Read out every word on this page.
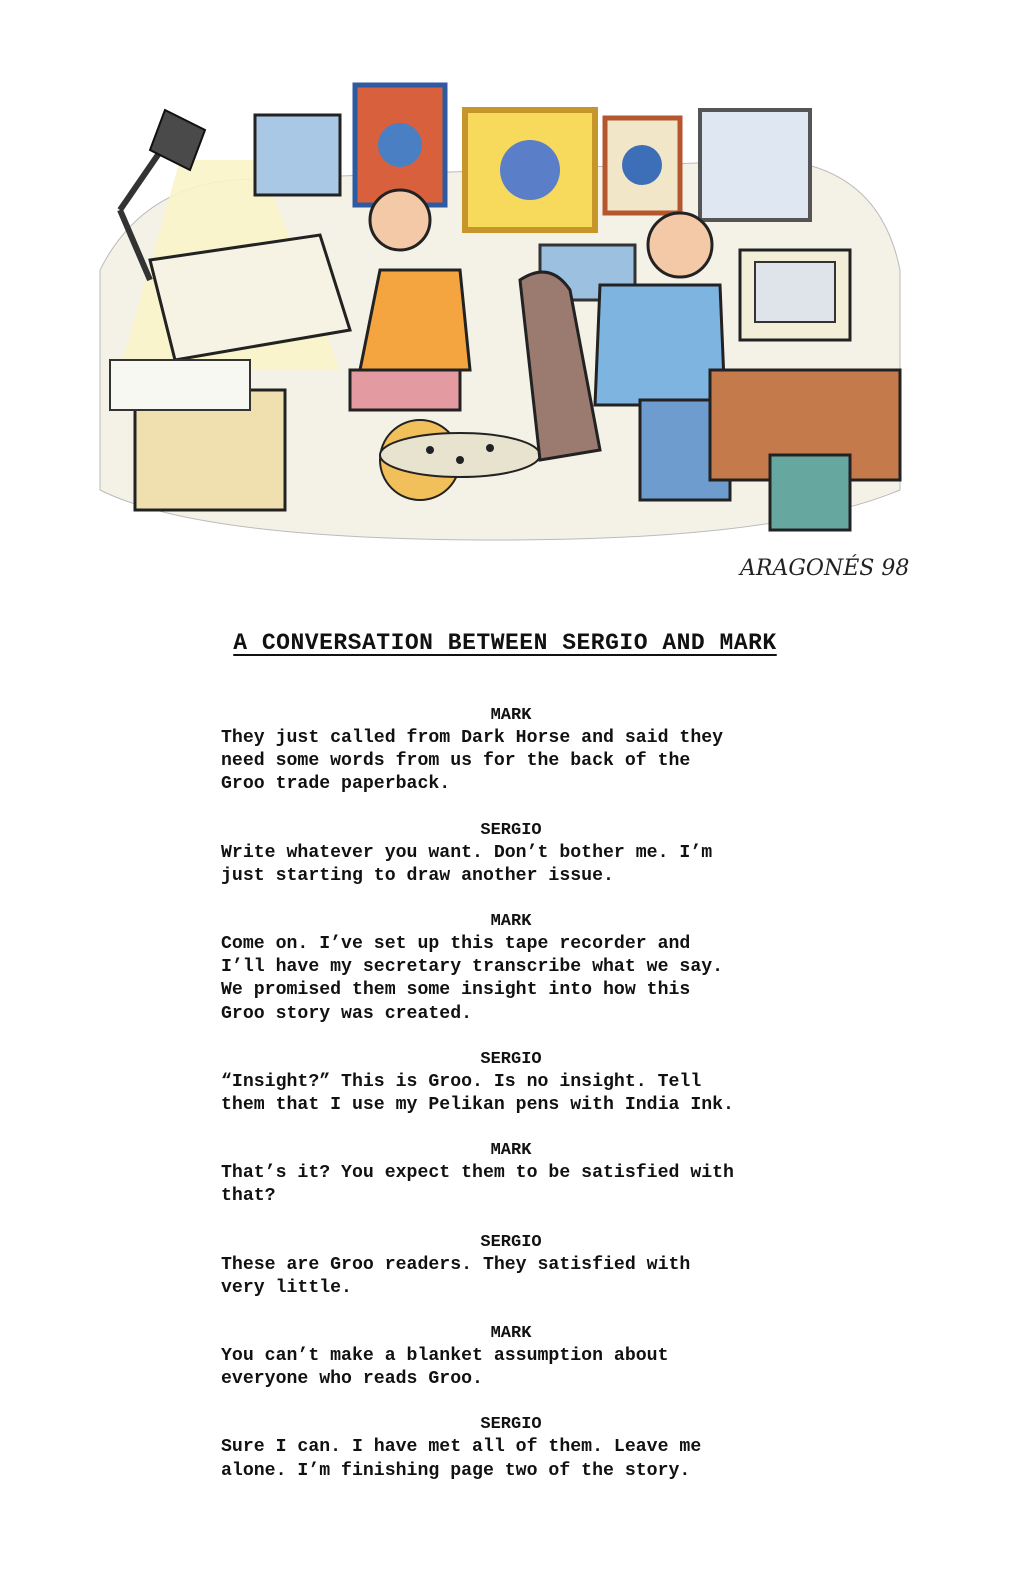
ARAGONÉS 98
A CONVERSATION BETWEEN SERGIO AND MARK
MARK
They just called from Dark Horse and said they
need some words from us for the back of the
Groo trade paperback.
SERGIO
Write whatever you want. Don’t bother me. I’m
just starting to draw another issue.
MARK
Come on. I’ve set up this tape recorder and
I’ll have my secretary transcribe what we say.
We promised them some insight into how this
Groo story was created.
SERGIO
“Insight?” This is Groo. Is no insight. Tell
them that I use my Pelikan pens with India Ink.
MARK
That’s it? You expect them to be satisfied with
that?
SERGIO
These are Groo readers. They satisfied with
very little.
MARK
You can’t make a blanket assumption about
everyone who reads Groo.
SERGIO
Sure I can. I have met all of them. Leave me
alone. I’m finishing page two of the story.
